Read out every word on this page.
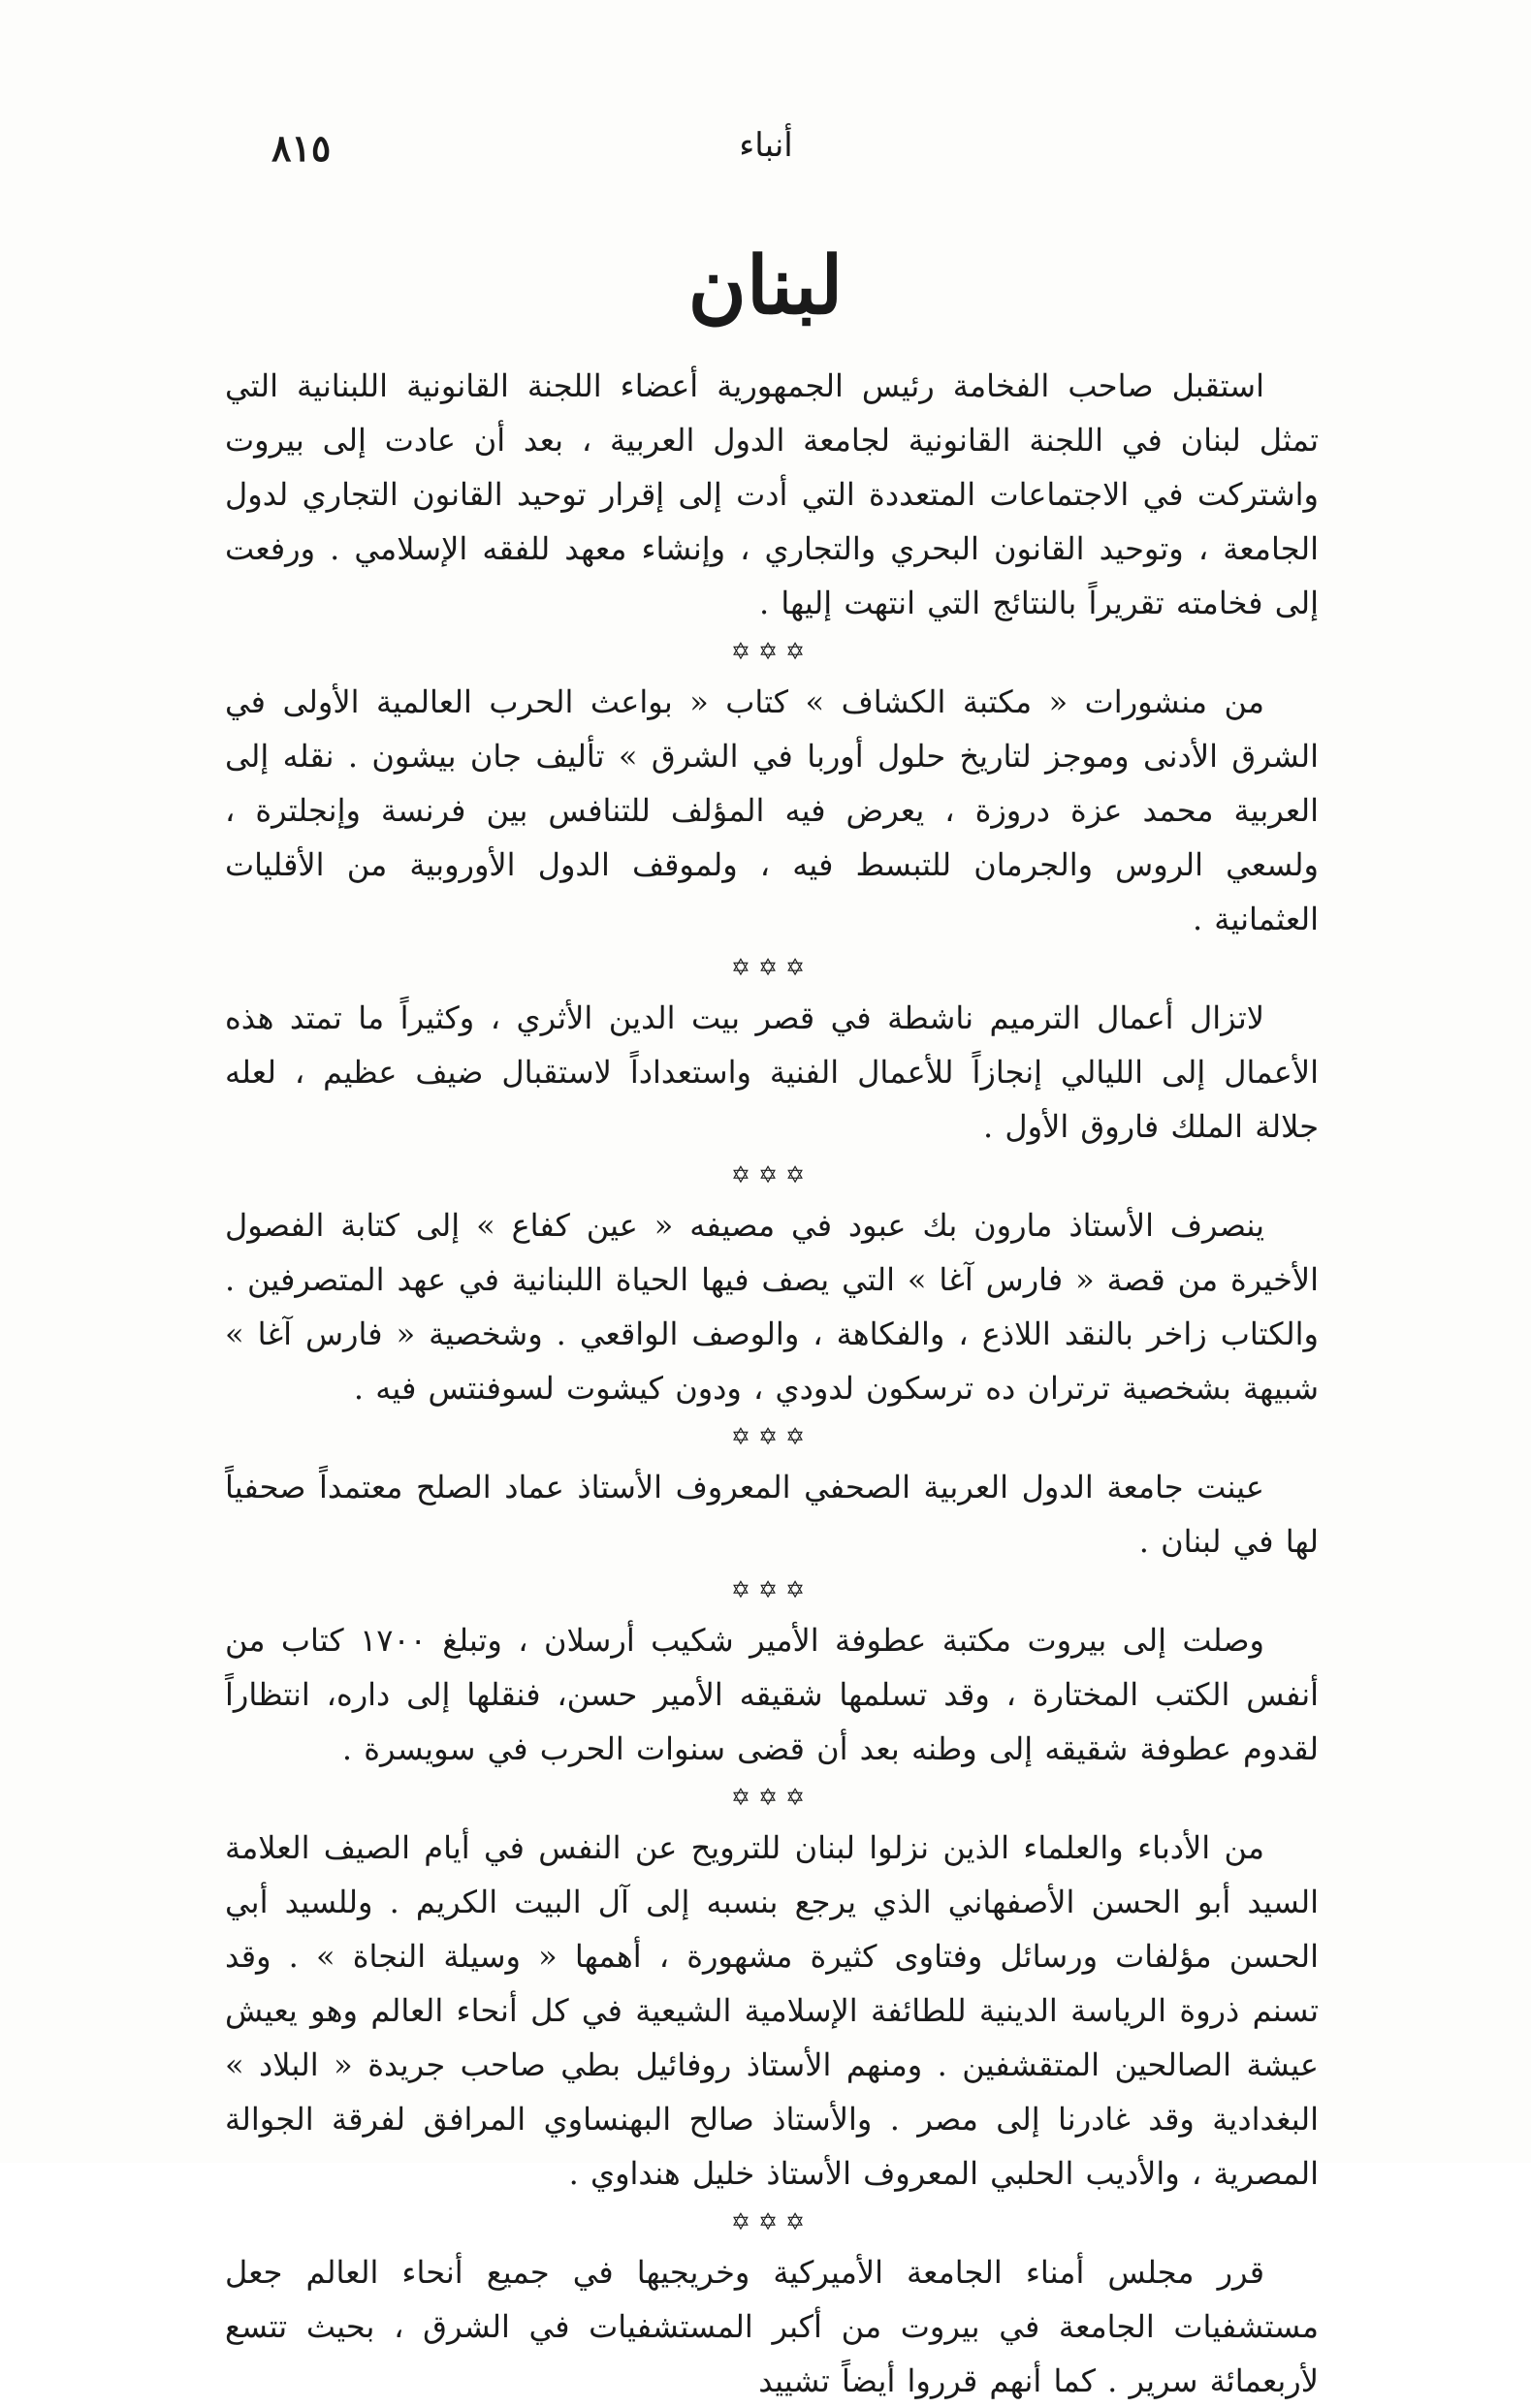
٨١٥	أنباء
لبنان

استقبل صاحب الفخامة رئيس الجمهورية أعضاء اللجنة القانونية اللبنانية التي تمثل لبنان في اللجنة القانونية لجامعة الدول العربية ، بعد أن عادت إلى بيروت واشتركت في الاجتماعات المتعددة التي أدت إلى إقرار توحيد القانون التجاري لدول الجامعة ، وتوحيد القانون البحري والتجاري ، وإنشاء معهد للفقه الإسلامي . ورفعت إلى فخامته تقريراً بالنتائج التي انتهت إليها .

✡✡✡

من منشورات « مكتبة الكشاف » كتاب « بواعث الحرب العالمية الأولى في الشرق الأدنى وموجز لتاريخ حلول أوربا في الشرق » تأليف جان بيشون . نقله إلى العربية محمد عزة دروزة ، يعرض فيه المؤلف للتنافس بين فرنسة وإنجلترة ، ولسعي الروس والجرمان للتبسط فيه ، ولموقف الدول الأوروبية من الأقليات العثمانية .

✡✡✡

لاتزال أعمال الترميم ناشطة في قصر بيت الدين الأثري ، وكثيراً ما تمتد هذه الأعمال إلى الليالي إنجازاً للأعمال الفنية واستعداداً لاستقبال ضيف عظيم ، لعله جلالة الملك فاروق الأول .

✡✡✡

ينصرف الأستاذ مارون بك عبود في مصيفه « عين كفاع » إلى كتابة الفصول الأخيرة من قصة « فارس آغا » التي يصف فيها الحياة اللبنانية في عهد المتصرفين . والكتاب زاخر بالنقد اللاذع ، والفكاهة ، والوصف الواقعي . وشخصية « فارس آغا » شبيهة بشخصية ترتران ده ترسكون لدودي ، ودون كيشوت لسوفنتس فيه .

✡✡✡

عينت جامعة الدول العربية الصحفي المعروف الأستاذ عماد الصلح معتمداً صحفياً لها في لبنان .

✡✡✡

وصلت إلى بيروت مكتبة عطوفة الأمير شكيب أرسلان ، وتبلغ ١٧٠٠ كتاب من أنفس الكتب المختارة ، وقد تسلمها شقيقه الأمير حسن، فنقلها إلى داره، انتظاراً لقدوم عطوفة شقيقه إلى وطنه بعد أن قضى سنوات الحرب في سويسرة .

✡✡✡

من الأدباء والعلماء الذين نزلوا لبنان للترويح عن النفس في أيام الصيف العلامة السيد أبو الحسن الأصفهاني الذي يرجع بنسبه إلى آل البيت الكريم . وللسيد أبي الحسن مؤلفات ورسائل وفتاوى كثيرة مشهورة ، أهمها « وسيلة النجاة » . وقد تسنم ذروة الرياسة الدينية للطائفة الإسلامية الشيعية في كل أنحاء العالم وهو يعيش عيشة الصالحين المتقشفين . ومنهم الأستاذ روفائيل بطي صاحب جريدة « البلاد » البغدادية وقد غادرنا إلى مصر . والأستاذ صالح البهنساوي المرافق لفرقة الجوالة المصرية ، والأديب الحلبي المعروف الأستاذ خليل هنداوي .

✡✡✡

قرر مجلس أمناء الجامعة الأميركية وخريجيها في جميع أنحاء العالم جعل مستشفيات الجامعة في بيروت من أكبر المستشفيات في الشرق ، بحيث تتسع لأربعمائة سرير . كما أنهم قرروا أيضاً تشييد
